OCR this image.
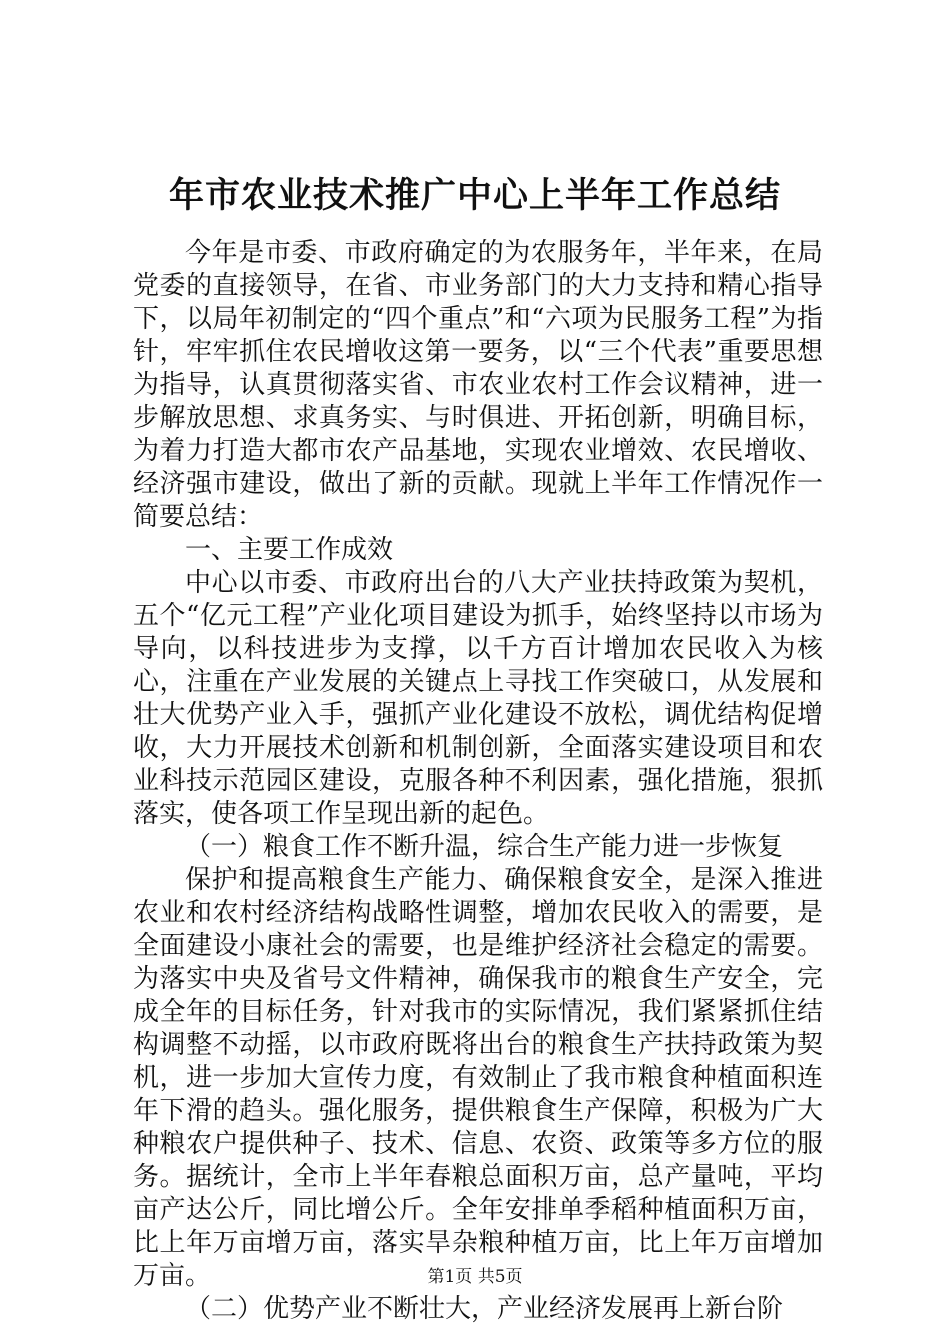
年市农业技术推广中心上半年工作总结

今年是市委、市政府确定的为农服务年，半年来，在局党委的直接领导，在省、市业务部门的大力支持和精心指导下，以局年初制定的“四个重点”和“六项为民服务工程”为指针，牢牢抓住农民增收这第一要务，以“三个代表”重要思想为指导，认真贯彻落实省、市农业农村工作会议精神，进一步解放思想、求真务实、与时俱进、开拓创新，明确目标，为着力打造大都市农产品基地，实现农业增效、农民增收、经济强市建设，做出了新的贡献。现就上半年工作情况作一简要总结：

一、主要工作成效

中心以市委、市政府出台的八大产业扶持政策为契机，五个“亿元工程”产业化项目建设为抓手，始终坚持以市场为导向，以科技进步为支撑，以千方百计增加农民收入为核心，注重在产业发展的关键点上寻找工作突破口，从发展和壮大优势产业入手，强抓产业化建设不放松，调优结构促增收，大力开展技术创新和机制创新，全面落实建设项目和农业科技示范园区建设，克服各种不利因素，强化措施，狠抓落实，使各项工作呈现出新的起色。

（一）粮食工作不断升温，综合生产能力进一步恢复

保护和提高粮食生产能力、确保粮食安全，是深入推进农业和农村经济结构战略性调整，增加农民收入的需要，是全面建设小康社会的需要，也是维护经济社会稳定的需要。为落实中央及省号文件精神，确保我市的粮食生产安全，完成全年的目标任务，针对我市的实际情况，我们紧紧抓住结构调整不动摇，以市政府既将出台的粮食生产扶持政策为契机，进一步加大宣传力度，有效制止了我市粮食种植面积连年下滑的趋头。强化服务，提供粮食生产保障，积极为广大种粮农户提供种子、技术、信息、农资、政策等多方位的服务。据统计，全市上半年春粮总面积万亩，总产量吨，平均亩产达公斤，同比增公斤。全年安排单季稻种植面积万亩，比上年万亩增万亩，落实旱杂粮种植万亩，比上年万亩增加万亩。

（二）优势产业不断壮大，产业经济发展再上新台阶

第1页 共5页
